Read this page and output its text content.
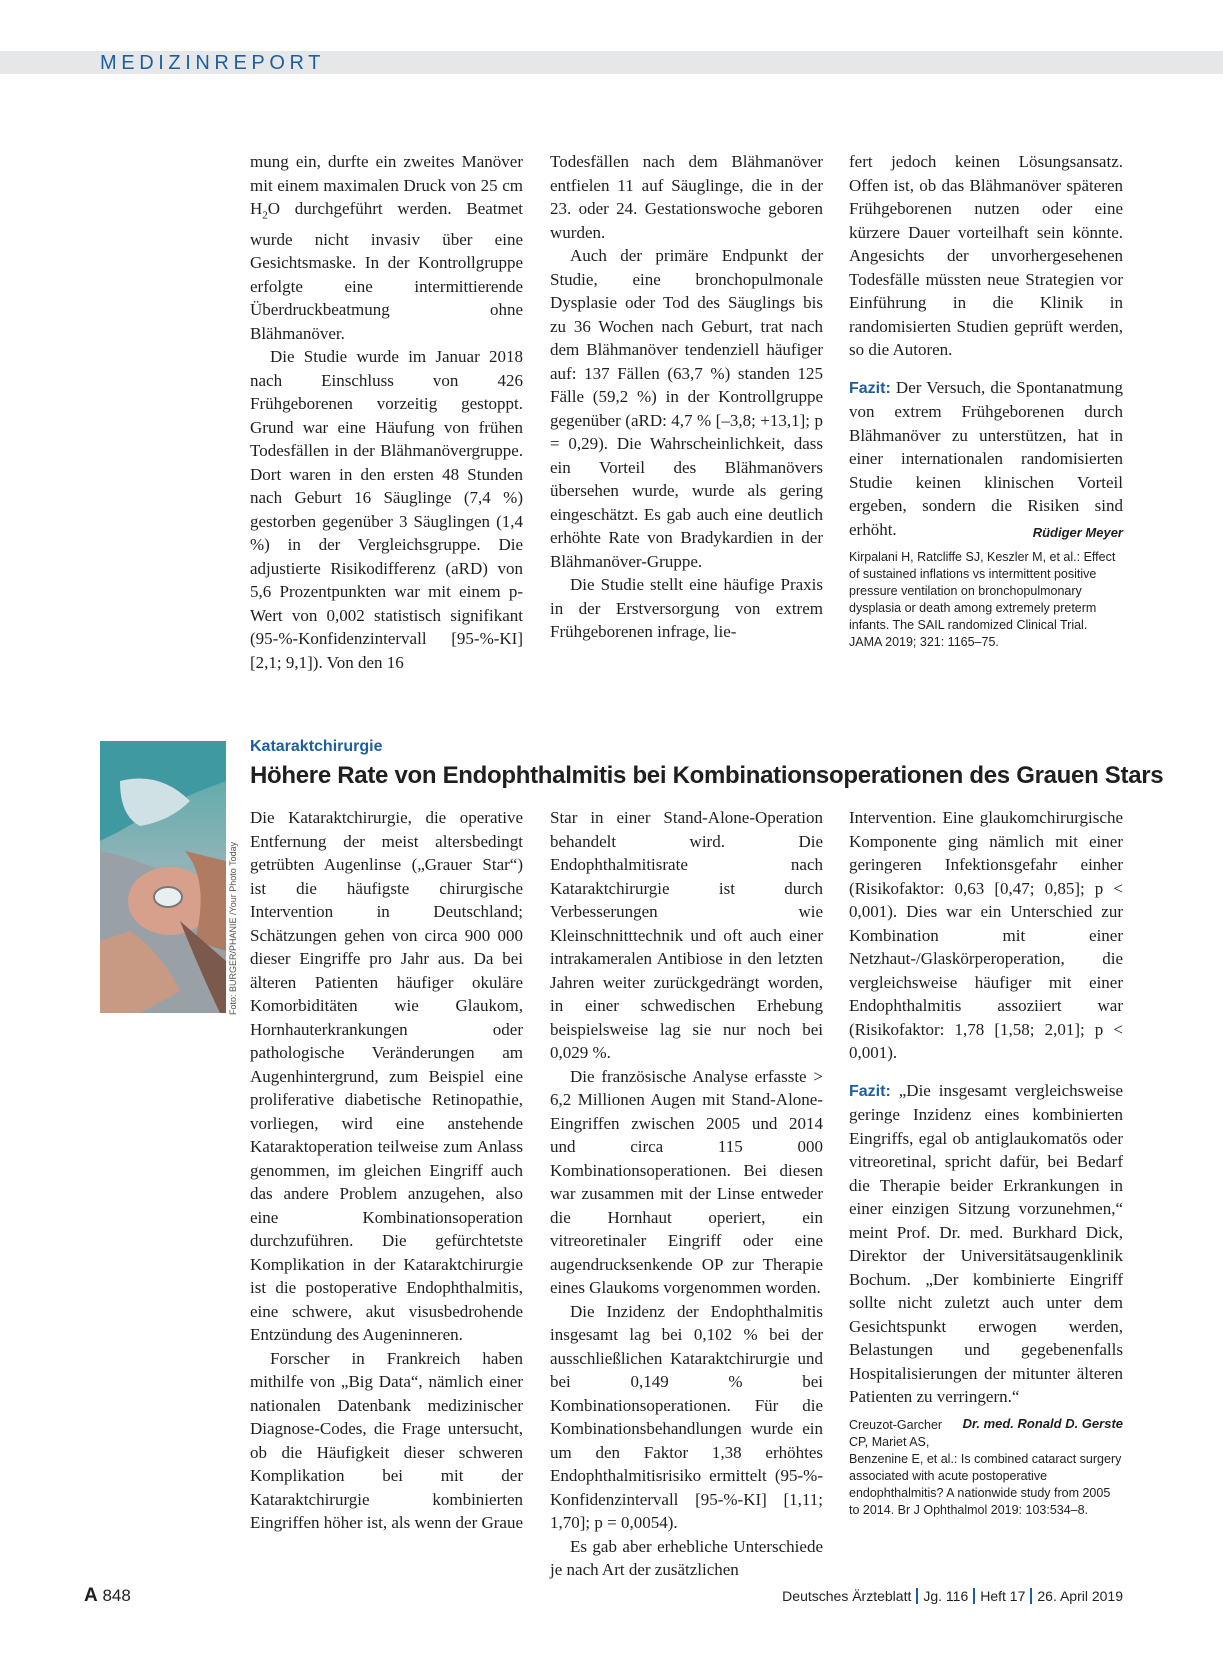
MEDIZINREPORT

mung ein, durfte ein zweites Manöver mit einem maximalen Druck von 25 cm $H_2O$ durchgeführt werden. Beatmet wurde nicht invasiv über eine Gesichtsmaske. In der Kontrollgruppe erfolgte eine intermittierende Überdruckbeatmung ohne Blähmanöver.

Die Studie wurde im Januar 2018 nach Einschluss von 426 Frühgeborenen vorzeitig gestoppt. Grund war eine Häufung von frühen Todesfällen in der Blähmanövergruppe. Dort waren in den ersten 48 Stunden nach Geburt 16 Säuglinge (7,4 %) gestorben gegenüber 3 Säuglingen (1,4 %) in der Vergleichsgruppe. Die adjustierte Risikodifferenz (aRD) von 5,6 Prozentpunkten war mit einem p-Wert von 0,002 statistisch signifikant (95-%-Konfidenzintervall [95-%-KI] [2,1; 9,1]). Von den 16

Todesfällen nach dem Blähmanöver entfielen 11 auf Säuglinge, die in der 23. oder 24. Gestationswoche geboren wurden.

Auch der primäre Endpunkt der Studie, eine bronchopulmonale Dysplasie oder Tod des Säuglings bis zu 36 Wochen nach Geburt, trat nach dem Blähmanöver tendenziell häufiger auf: 137 Fällen (63,7 %) standen 125 Fälle (59,2 %) in der Kontrollgruppe gegenüber (aRD: 4,7 % [–3,8; +13,1]; p = 0,29). Die Wahrscheinlichkeit, dass ein Vorteil des Blähmanövers übersehen wurde, wurde als gering eingeschätzt. Es gab auch eine deutlich erhöhte Rate von Bradykardien in der Blähmanöver-Gruppe.

Die Studie stellt eine häufige Praxis in der Erstversorgung von extrem Frühgeborenen infrage, lie-

fert jedoch keinen Lösungsansatz. Offen ist, ob das Blähmanöver späteren Frühgeborenen nutzen oder eine kürzere Dauer vorteilhaft sein könnte. Angesichts der unvorhergesehenen Todesfälle müssten neue Strategien vor Einführung in die Klinik in randomisierten Studien geprüft werden, so die Autoren.

Fazit: Der Versuch, die Spontanatmung von extrem Frühgeborenen durch Blähmanöver zu unterstützen, hat in einer internationalen randomisierten Studie keinen klinischen Vorteil ergeben, sondern die Risiken sind erhöht.	Rüdiger Meyer

Kirpalani H, Ratcliffe SJ, Keszler M, et al.: Effect of sustained inflations vs intermittent positive pressure ventilation on bronchopulmonary dysplasia or death among extremely preterm infants. The SAIL randomized Clinical Trial. JAMA 2019; 321: 1165–75.
Foto: BURGER/PHANIE /Your Photo Today
Kataraktchirurgie
Höhere Rate von Endophthalmitis bei Kombinationsoperationen des Grauen Stars

Die Kataraktchirurgie, die operative Entfernung der meist altersbedingt getrübten Augenlinse („Grauer Star“) ist die häufigste chirurgische Intervention in Deutschland; Schätzungen gehen von circa 900 000 dieser Eingriffe pro Jahr aus. Da bei älteren Patienten häufiger okuläre Komorbiditäten wie Glaukom, Hornhauterkrankungen oder pathologische Veränderungen am Augenhintergrund, zum Beispiel eine proliferative diabetische Retinopathie, vorliegen, wird eine anstehende Kataraktoperation teilweise zum Anlass genommen, im gleichen Eingriff auch das andere Problem anzugehen, also eine Kombinationsoperation durchzuführen. Die gefürchtetste Komplikation in der Kataraktchirurgie ist die postoperative Endophthalmitis, eine schwere, akut visusbedrohende Entzündung des Augeninneren.

Forscher in Frankreich haben mithilfe von „Big Data“, nämlich einer nationalen Datenbank medizinischer Diagnose-Codes, die Frage untersucht, ob die Häufigkeit dieser schweren Komplikation bei mit der Kataraktchirurgie kombinierten Eingriffen höher ist, als wenn der Graue

Star in einer Stand-Alone-Operation behandelt wird. Die Endophthalmitisrate nach Kataraktchirurgie ist durch Verbesserungen wie Kleinschnitttechnik und oft auch einer intrakameralen Antibiose in den letzten Jahren weiter zurückgedrängt worden, in einer schwedischen Erhebung beispielsweise lag sie nur noch bei 0,029 %.

Die französische Analyse erfasste > 6,2 Millionen Augen mit Stand-Alone-Eingriffen zwischen 2005 und 2014 und circa 115 000 Kombinationsoperationen. Bei diesen war zusammen mit der Linse entweder die Hornhaut operiert, ein vitreoretinaler Eingriff oder eine augendrucksenkende OP zur Therapie eines Glaukoms vorgenommen worden.

Die Inzidenz der Endophthalmitis insgesamt lag bei 0,102 % bei der ausschließlichen Kataraktchirurgie und bei 0,149 % bei Kombinationsoperationen. Für die Kombinationsbehandlungen wurde ein um den Faktor 1,38 erhöhtes Endophthalmitisrisiko ermittelt (95-%-Konfidenzintervall [95-%-KI] [1,11; 1,70]; p = 0,0054).

Es gab aber erhebliche Unterschiede je nach Art der zusätzlichen

Intervention. Eine glaukomchirurgische Komponente ging nämlich mit einer geringeren Infektionsgefahr einher (Risikofaktor: 0,63 [0,47; 0,85]; p < 0,001). Dies war ein Unterschied zur Kombination mit einer Netzhaut-/Glaskörperoperation, die vergleichsweise häufiger mit einer Endophthalmitis assoziiert war (Risikofaktor: 1,78 [1,58; 2,01]; p < 0,001).

Fazit: „Die insgesamt vergleichsweise geringe Inzidenz eines kombinierten Eingriffs, egal ob antiglaukomatös oder vitreoretinal, spricht dafür, bei Bedarf die Therapie beider Erkrankungen in einer einzigen Sitzung vorzunehmen,“ meint Prof. Dr. med. Burkhard Dick, Direktor der Universitätsaugenklinik Bochum. „Der kombinierte Eingriff sollte nicht zuletzt auch unter dem Gesichtspunkt erwogen werden, Belastungen und gegebenenfalls Hospitalisierungen der mitunter älteren Patienten zu verringern.“
Dr. med. Ronald D. Gerste

Creuzot-Garcher CP, Mariet AS, Benzenine E, et al.: Is combined cataract surgery associated with acute postoperative endophthalmitis? A nationwide study from 2005 to 2014. Br J Ophthalmol 2019: 103:534–8.
A 848	Deutsches Ärzteblatt Jg. 116 Heft 17 26. April 2019
